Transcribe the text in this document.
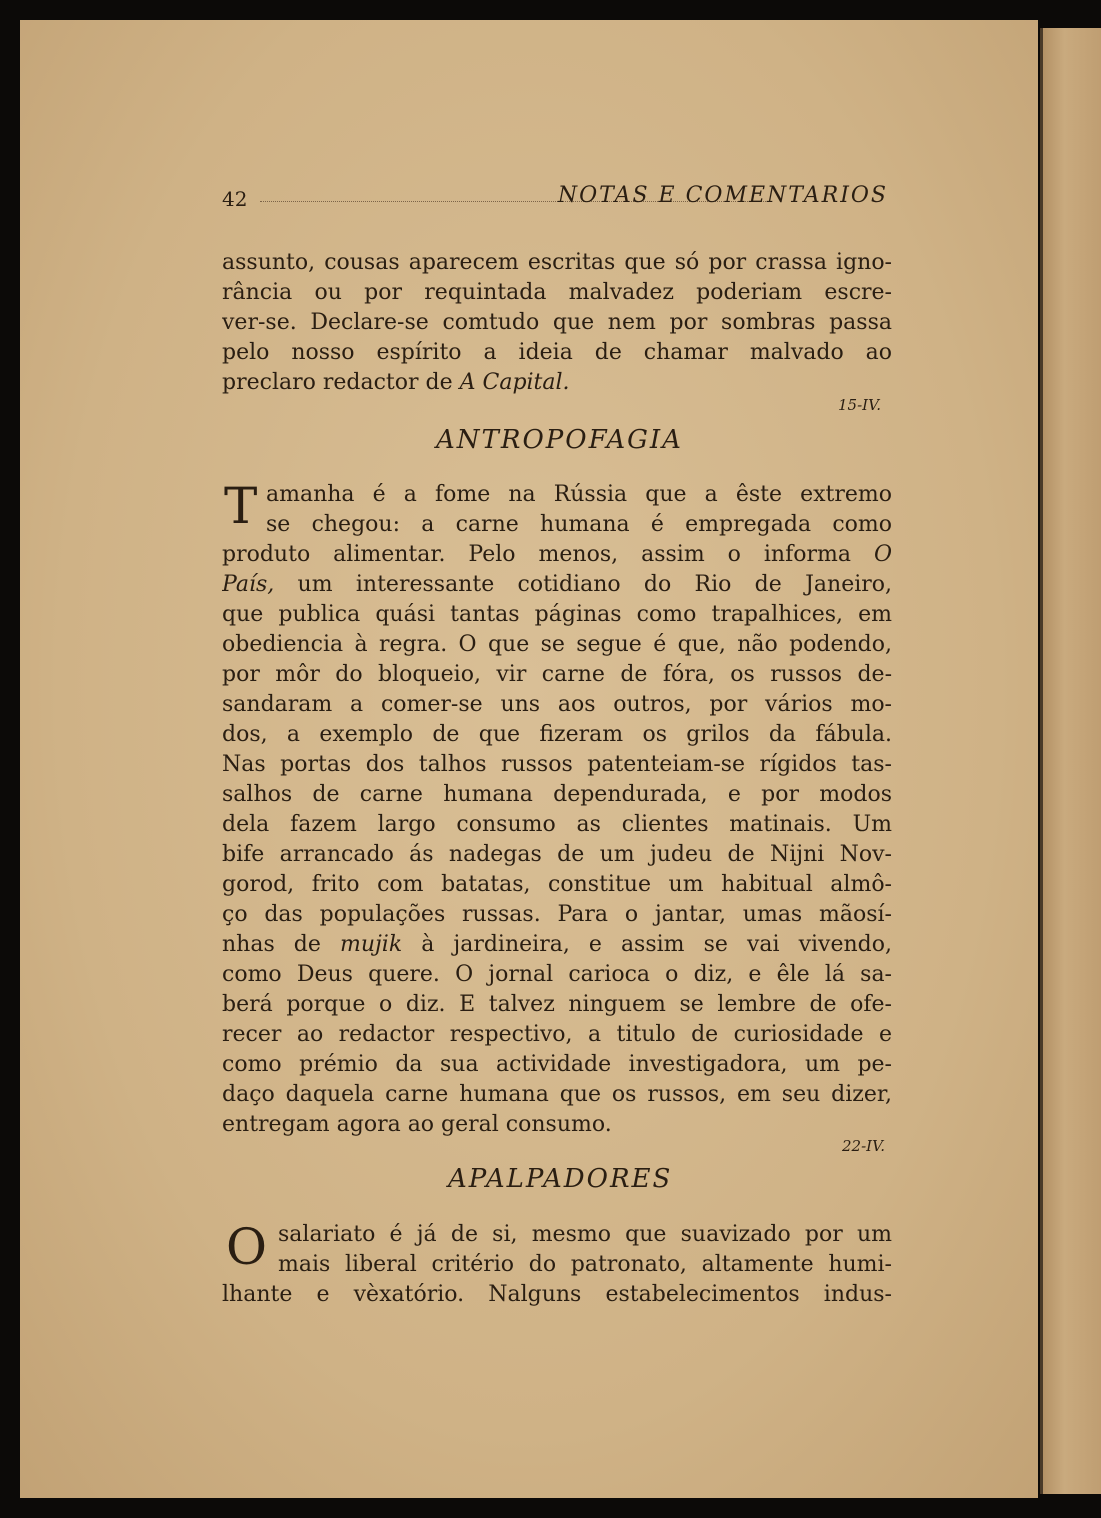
42	NOTAS E COMENTARIOS
assunto, cousas aparecem escritas que só por crassa igno-
rância ou por requintada malvadez poderiam escre-
ver-se. Declare-se comtudo que nem por sombras passa
pelo nosso espírito a ideia de chamar malvado ao
preclaro redactor de A Capital.
15-IV.
ANTROPOFAGIA
T amanha é a fome na Rússia que a êste extremo
se chegou: a carne humana é empregada como
produto alimentar. Pelo menos, assim o informa O
País, um interessante cotidiano do Rio de Janeiro,
que publica quási tantas páginas como trapalhices, em
obediencia à regra. O que se segue é que, não podendo,
por môr do bloqueio, vir carne de fóra, os russos de-
sandaram a comer-se uns aos outros, por vários mo-
dos, a exemplo de que fizeram os grilos da fábula.
Nas portas dos talhos russos patenteiam-se rígidos tas-
salhos de carne humana dependurada, e por modos
dela fazem largo consumo as clientes matinais. Um
bife arrancado ás nadegas de um judeu de Nijni Nov-
gorod, frito com batatas, constitue um habitual almô-
ço das populações russas. Para o jantar, umas mãosí-
nhas de mujik à jardineira, e assim se vai vivendo,
como Deus quere. O jornal carioca o diz, e êle lá sa-
berá porque o diz. E talvez ninguem se lembre de ofe-
recer ao redactor respectivo, a titulo de curiosidade e
como prémio da sua actividade investigadora, um pe-
daço daquela carne humana que os russos, em seu dizer,
entregam agora ao geral consumo.
22-IV.
APALPADORES
O salariato é já de si, mesmo que suavizado por um
mais liberal critério do patronato, altamente humi-
lhante e vèxatório. Nalguns estabelecimentos indus-
